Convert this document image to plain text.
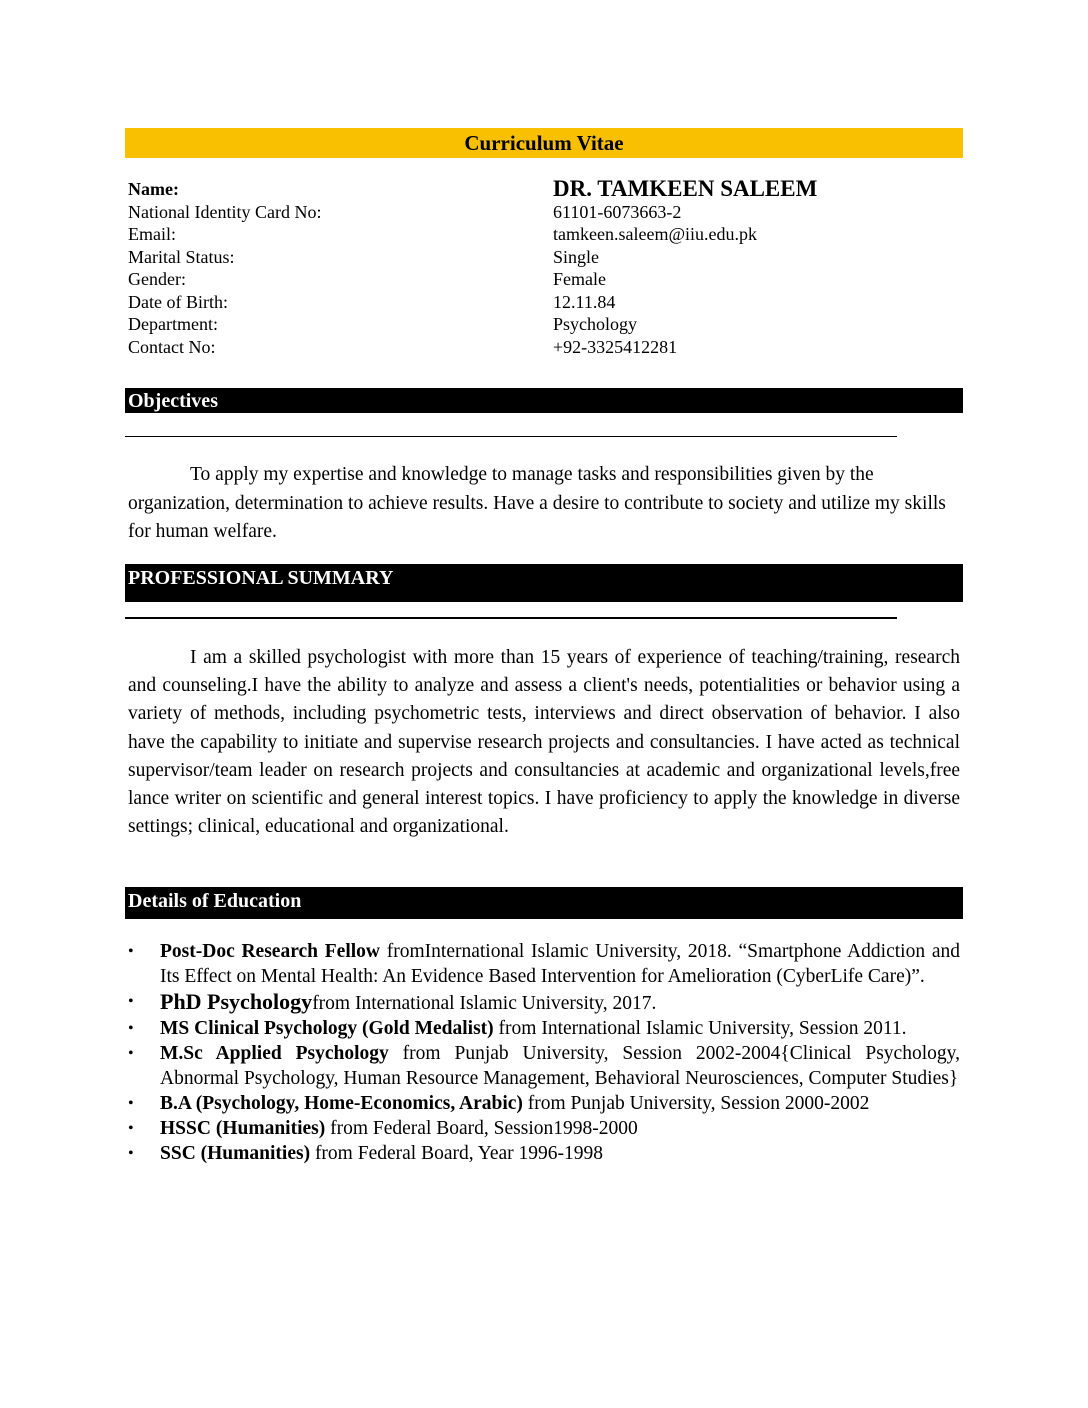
Curriculum Vitae
Name:	DR. TAMKEEN SALEEM
National Identity Card No:	61101-6073663-2
Email:	tamkeen.saleem@iiu.edu.pk
Marital Status:	Single
Gender:	Female
Date of Birth:	12.11.84
Department:	Psychology
Contact No:	+92-3325412281
Objectives

To apply my expertise and knowledge to manage tasks and responsibilities given by the organization, determination to achieve results. Have a desire to contribute to society and utilize my skills for human welfare.

PROFESSIONAL SUMMARY

I am a skilled psychologist with more than 15 years of experience of teaching/training, research and counseling.I have the ability to analyze and assess a client's needs, potentialities or behavior using a variety of methods, including psychometric tests, interviews and direct observation of behavior. I also have the capability to initiate and supervise research projects and consultancies. I have acted as technical supervisor/team leader on research projects and consultancies at academic and organizational levels,free lance writer on scientific and general interest topics. I have proficiency to apply the knowledge in diverse settings; clinical, educational and organizational.

Details of Education
• Post-Doc Research Fellow fromInternational Islamic University, 2018. “Smartphone Addiction and Its Effect on Mental Health: An Evidence Based Intervention for Amelioration (CyberLife Care)”.
• PhD Psychologyfrom International Islamic University, 2017.
• MS Clinical Psychology (Gold Medalist) from International Islamic University, Session 2011.
• M.Sc Applied Psychology from Punjab University, Session 2002-2004{Clinical Psychology, Abnormal Psychology, Human Resource Management, Behavioral Neurosciences, Computer Studies}
• B.A (Psychology, Home-Economics, Arabic) from Punjab University, Session 2000-2002
• HSSC (Humanities) from Federal Board, Session1998-2000
• SSC (Humanities) from Federal Board, Year 1996-1998
